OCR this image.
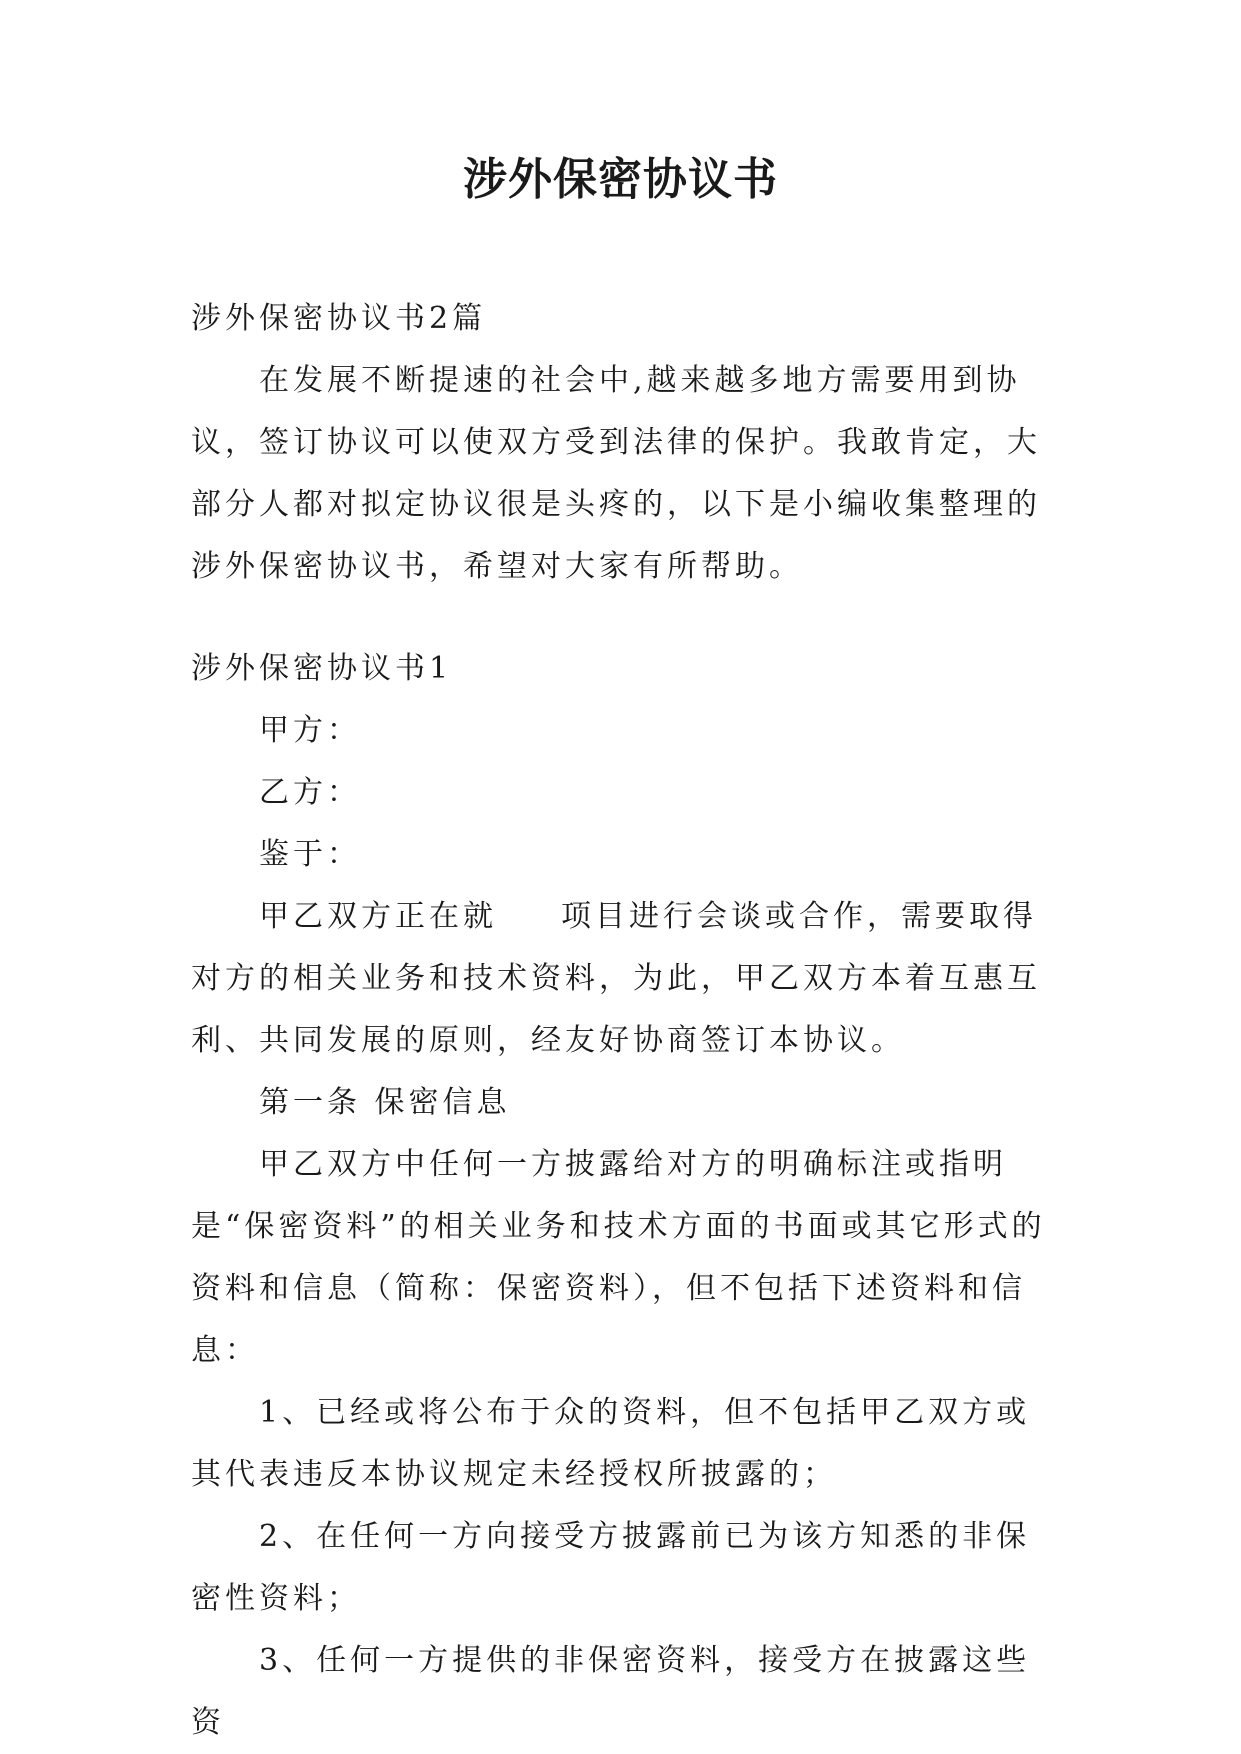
涉外保密协议书

涉外保密协议书2篇

在发展不断提速的社会中,越来越多地方需要用到协议，签订协议可以使双方受到法律的保护。我敢肯定，大部分人都对拟定协议很是头疼的，以下是小编收集整理的涉外保密协议书，希望对大家有所帮助。

涉外保密协议书1

甲方：

乙方：

鉴于：

甲乙双方正在就 项目进行会谈或合作，需要取得对方的相关业务和技术资料，为此，甲乙双方本着互惠互利、共同发展的原则，经友好协商签订本协议。

第一条 保密信息

甲乙双方中任何一方披露给对方的明确标注或指明是“保密资料”的相关业务和技术方面的书面或其它形式的资料和信息（简称：保密资料），但不包括下述资料和信息：

1、已经或将公布于众的资料，但不包括甲乙双方或其代表违反本协议规定未经授权所披露的；

2、在任何一方向接受方披露前已为该方知悉的非保密性资料；

3、任何一方提供的非保密资料，接受方在披露这些资
